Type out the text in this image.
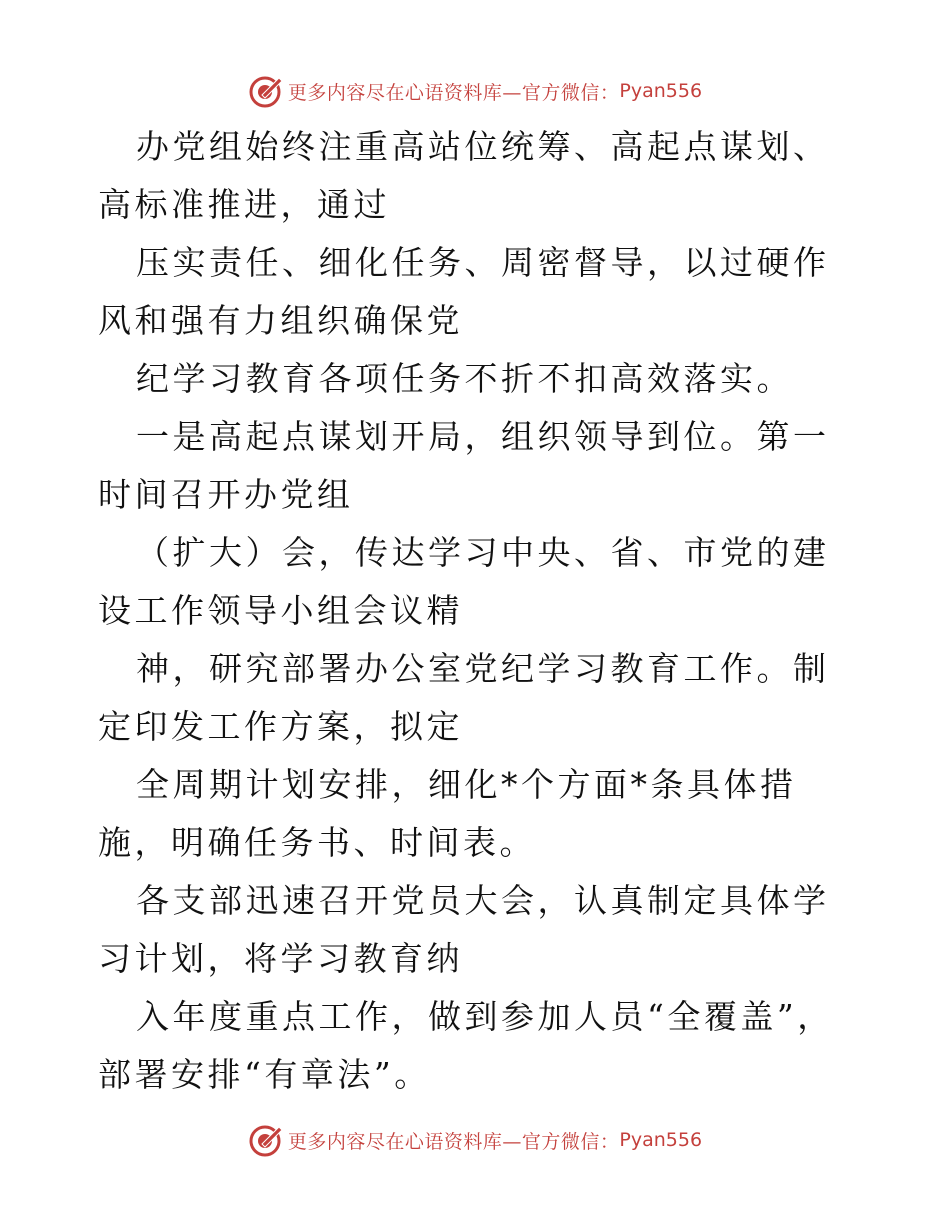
更多内容尽在心语资料库—官方微信： Pyan556

办党组始终注重高站位统筹、高起点谋划、高标准推进，通过

压实责任、细化任务、周密督导，以过硬作风和强有力组织确保党

纪学习教育各项任务不折不扣高效落实。

一是高起点谋划开局，组织领导到位。第一时间召开办党组

（扩大）会，传达学习中央、省、市党的建设工作领导小组会议精

神，研究部署办公室党纪学习教育工作。制定印发工作方案，拟定

全周期计划安排，细化*个方面*条具体措施，明确任务书、时间表。

各支部迅速召开党员大会，认真制定具体学习计划，将学习教育纳

入年度重点工作，做到参加人员“全覆盖”，部署安排“有章法”。

更多内容尽在心语资料库—官方微信： Pyan556
